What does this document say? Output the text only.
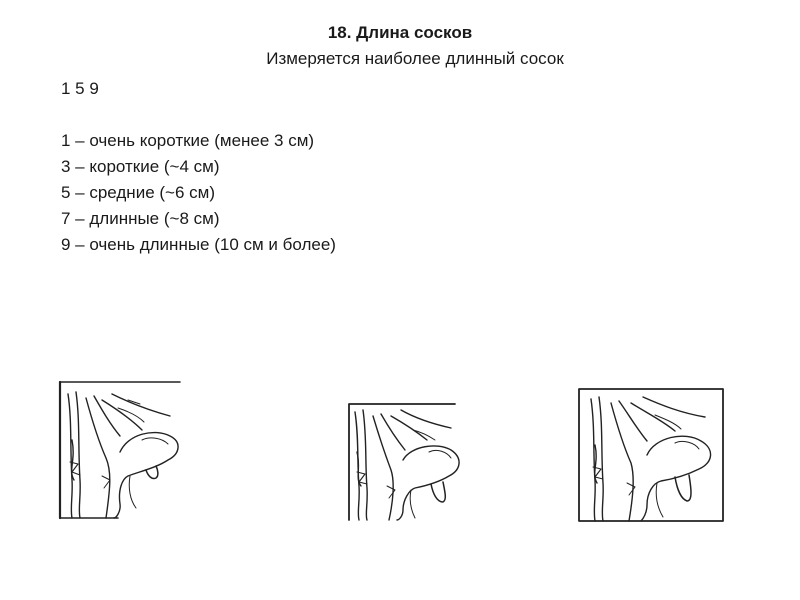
18. Длина сосков
Измеряется наиболее длинный сосок
1 5 9
1 – очень короткие (менее 3 см)
3 – короткие (~4 см)
5 – средние (~6 см)
7 – длинные (~8 см)
9 – очень длинные (10 см и более)
